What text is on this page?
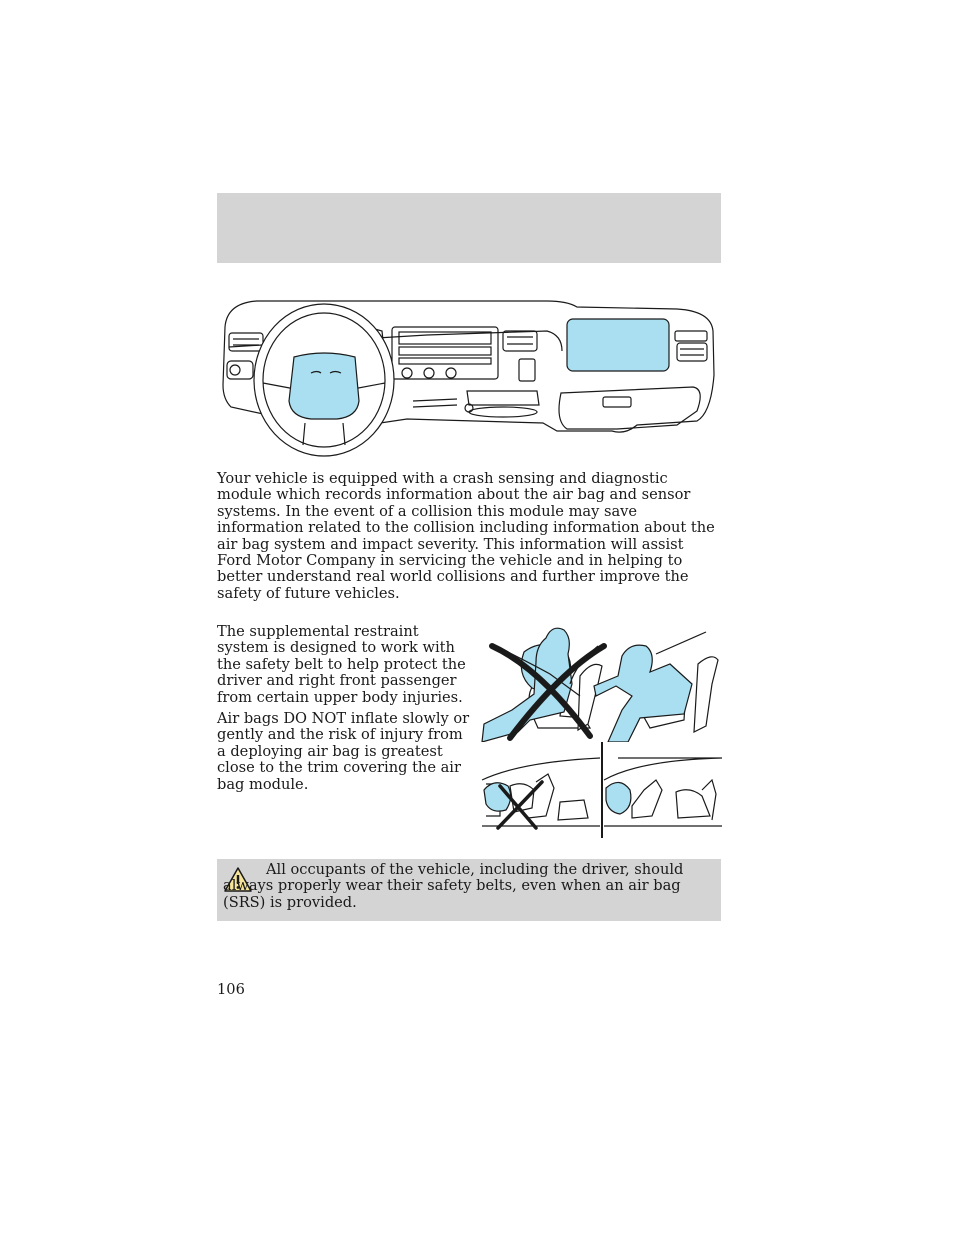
Your vehicle is equipped with a crash sensing and diagnostic module which records information about the air bag and sensor systems. In the event of a collision this module may save information related to the collision including information about the air bag system and impact severity. This information will assist Ford Motor Company in servicing the vehicle and in helping to better understand real world collisions and further improve the safety of future vehicles.

The supplemental restraint system is designed to work with the safety belt to help protect the driver and right front passenger from certain upper body injuries.

Air bags DO NOT inflate slowly or gently and the risk of injury from a deploying air bag is greatest close to the trim covering the air bag module.

All occupants of the vehicle, including the driver, should always properly wear their safety belts, even when an air bag (SRS) is provided.

106
